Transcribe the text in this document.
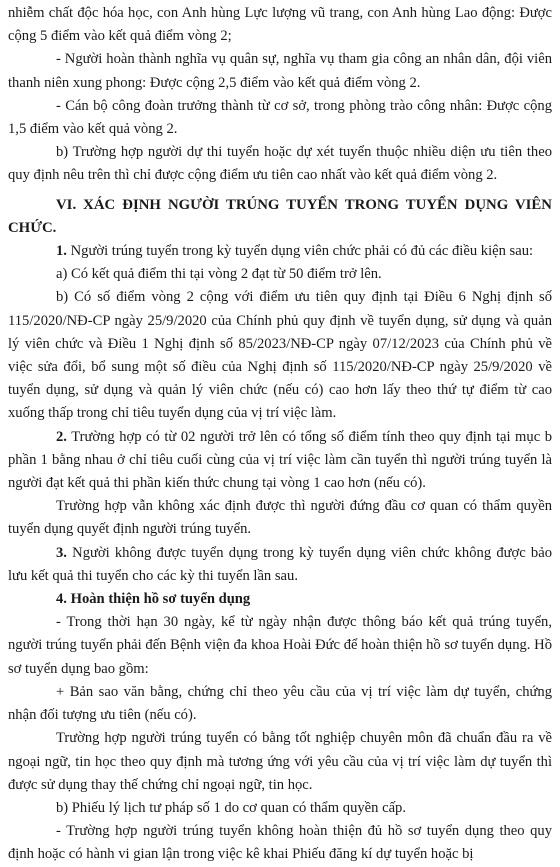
nhiễm chất độc hóa học, con Anh hùng Lực lượng vũ trang, con Anh hùng Lao động: Được cộng 5 điểm vào kết quả điểm vòng 2;

- Người hoàn thành nghĩa vụ quân sự, nghĩa vụ tham gia công an nhân dân, đội viên thanh niên xung phong: Được cộng 2,5 điểm vào kết quả điểm vòng 2.

- Cán bộ công đoàn trưởng thành từ cơ sở, trong phòng trào công nhân: Được cộng 1,5 điểm vào kết quả vòng 2.

b) Trường hợp người dự thi tuyển hoặc dự xét tuyển thuộc nhiều diện ưu tiên theo quy định nêu trên thì chỉ được cộng điểm ưu tiên cao nhất vào kết quả điểm vòng 2.

VI. XÁC ĐỊNH NGƯỜI TRÚNG TUYỂN TRONG TUYỂN DỤNG VIÊN CHỨC.

1. Người trúng tuyển trong kỳ tuyển dụng viên chức phải có đủ các điều kiện sau:

a) Có kết quả điểm thi tại vòng 2 đạt từ 50 điểm trở lên.

b) Có số điểm vòng 2 cộng với điểm ưu tiên quy định tại Điều 6 Nghị định số 115/2020/NĐ-CP ngày 25/9/2020 của Chính phủ quy định về tuyển dụng, sử dụng và quản lý viên chức và Điều 1 Nghị định số 85/2023/NĐ-CP ngày 07/12/2023 của Chính phủ về việc sửa đổi, bổ sung một số điều của Nghị định số 115/2020/NĐ-CP ngày 25/9/2020 về tuyển dụng, sử dụng và quản lý viên chức (nếu có) cao hơn lấy theo thứ tự điểm từ cao xuống thấp trong chỉ tiêu tuyển dụng của vị trí việc làm.

2. Trường hợp có từ 02 người trở lên có tổng số điểm tính theo quy định tại mục b phần 1 bằng nhau ở chỉ tiêu cuối cùng của vị trí việc làm cần tuyển thì người trúng tuyển là người đạt kết quả thi phần kiến thức chung tại vòng 1 cao hơn (nếu có).

Trường hợp vẫn không xác định được thì người đứng đầu cơ quan có thẩm quyền tuyển dụng quyết định người trúng tuyển.

3. Người không được tuyển dụng trong kỳ tuyển dụng viên chức không được bảo lưu kết quả thi tuyển cho các kỳ thi tuyển lần sau.

4. Hoàn thiện hồ sơ tuyển dụng

- Trong thời hạn 30 ngày, kể từ ngày nhận được thông báo kết quả trúng tuyển, người trúng tuyển phải đến Bệnh viện đa khoa Hoài Đức để hoàn thiện hồ sơ tuyển dụng. Hồ sơ tuyển dụng bao gồm:

+ Bản sao văn bằng, chứng chỉ theo yêu cầu của vị trí việc làm dự tuyển, chứng nhận đối tượng ưu tiên (nếu có).

Trường hợp người trúng tuyển có bằng tốt nghiệp chuyên môn đã chuẩn đầu ra về ngoại ngữ, tin học theo quy định mà tương ứng với yêu cầu của vị trí việc làm dự tuyển thì được sử dụng thay thế chứng chỉ ngoại ngữ, tin học.

b) Phiếu lý lịch tư pháp số 1 do cơ quan có thẩm quyền cấp.

- Trường hợp người trúng tuyển không hoàn thiện đủ hồ sơ tuyển dụng theo quy định hoặc có hành vi gian lận trong việc kê khai Phiếu đăng kí dự tuyển hoặc bị
